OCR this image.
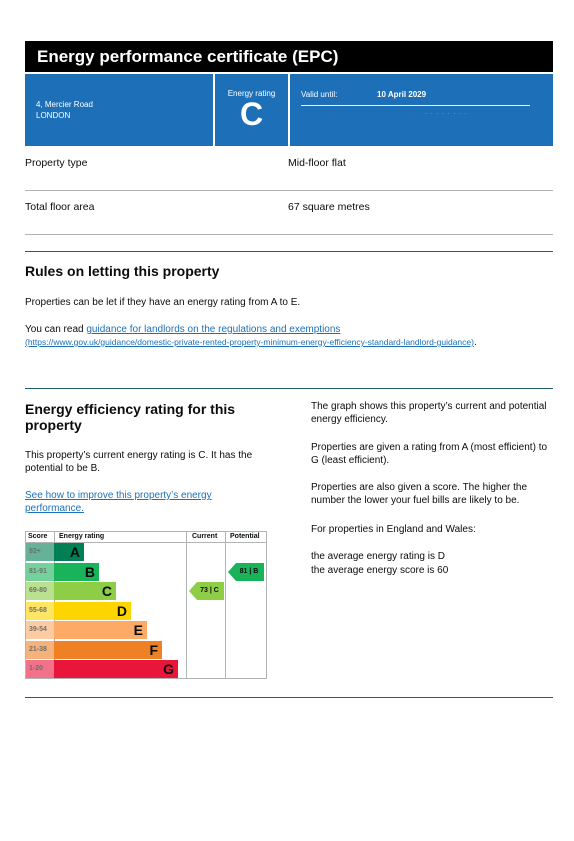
Energy performance certificate (EPC)
4, Mercier Road
LONDON
Energy rating
C
Valid until:	10 April 2029
· · · · · · · ·
Property type	Mid-floor flat
Total floor area	67 square metres
Rules on letting this property
Properties can be let if they have an energy rating from A to E.
You can read guidance for landlords on the regulations and exemptions
(https://www.gov.uk/guidance/domestic-private-rented-property-minimum-energy-efficiency-standard-landlord-guidance).
Energy efficiency rating for this property
This property’s current energy rating is C. It has the potential to be B.
See how to improve this property’s energy performance.
The graph shows this property’s current and potential energy efficiency.
Properties are given a rating from A (most efficient) to G (least efficient).
Properties are also given a score. The higher the number the lower your fuel bills are likely to be.
For properties in England and Wales:
the average energy rating is D
the average energy score is 60
Score Energy rating	Current Potential
92+	A
81-91	B
69-80	C
55-68	D
39-54	E
21-38	F
1-20	G
73 | C
81 | B
